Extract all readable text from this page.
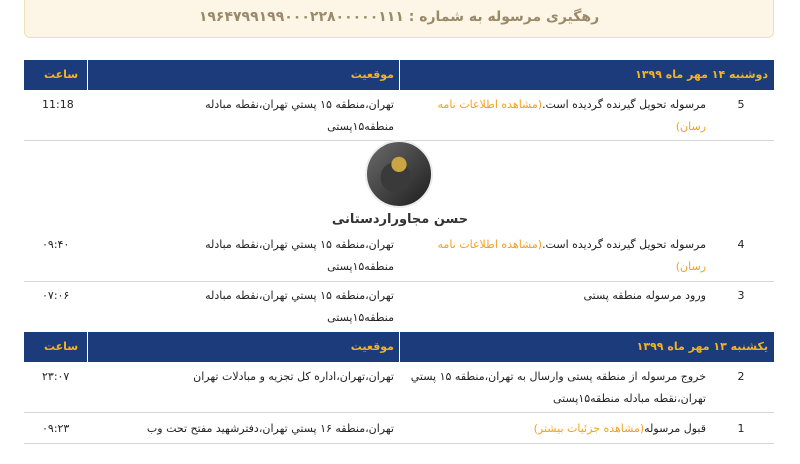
رهگیری مرسوله به شماره : ۱۹۶۴۷۹۹۱۹۹۰۰۰۲۲۸۰۰۰۰۰۱۱۱
دوشنبه ۱۴ مهر ماه ۱۳۹۹
موقعیت
ساعت
5
مرسوله تحویل گیرنده گردیده است.(مشاهده اطلاعات نامه رسان)
تهران،منطقه ۱۵ پستي تهران،نقطه مبادله منطقه۱۵پستی
11:18
حسن مجاوراردستانی
4
مرسوله تحویل گیرنده گردیده است.(مشاهده اطلاعات نامه رسان)
تهران،منطقه ۱۵ پستي تهران،نقطه مبادله منطقه۱۵پستی
۰۹:۴۰
3
ورود مرسوله منطقه پستی
تهران،منطقه ۱۵ پستي تهران،نقطه مبادله منطقه۱۵پستی
۰۷:۰۶
یکشنبه ۱۳ مهر ماه ۱۳۹۹
موقعیت
ساعت
2
خروج مرسوله از منطقه پستی وارسال به تهران،منطقه ۱۵ پستي تهران،نقطه مبادله منطقه۱۵پستی
تهران،تهران،اداره کل تجزیه و مبادلات تهران
۲۳:۰۷
1
قبول مرسوله(مشاهده جزئیات بیشتر)
تهران،منطقه ۱۶ پستي تهران،دفترشهید مفتح تحت وب
۰۹:۲۳
